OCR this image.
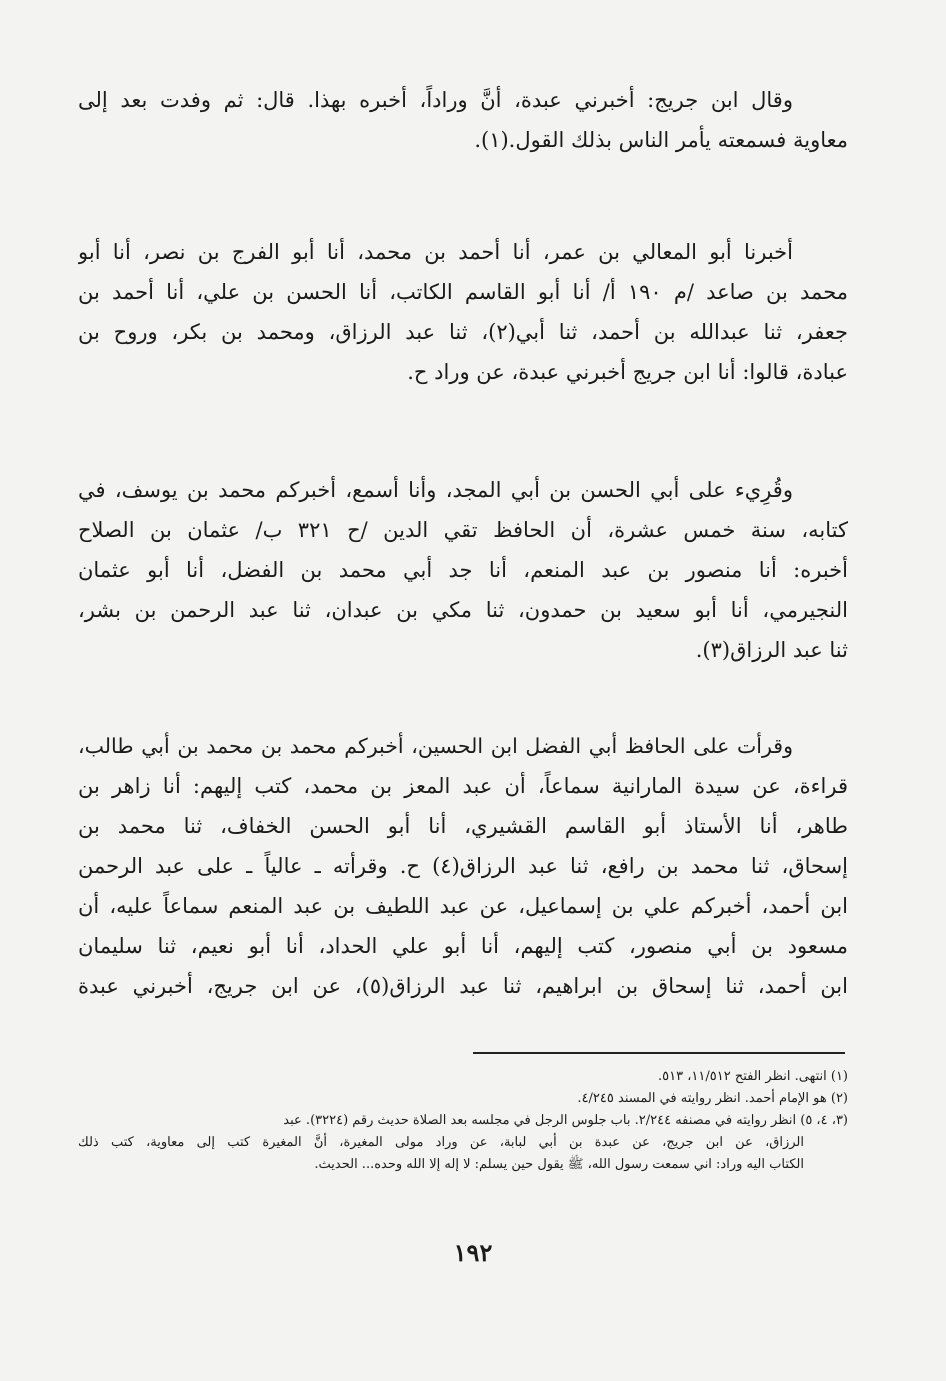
وقال ابن جريج: أخبرني عبدة، أنَّ وراداً، أخبره بهذا. قال: ثم وفدت بعد إلى
معاوية فسمعته يأمر الناس بذلك القول.(١).
أخبرنا أبو المعالي بن عمر، أنا أحمد بن محمد، أنا أبو الفرج بن نصر، أنا أبو
محمد بن صاعد /م ١٩٠ أ/ أنا أبو القاسم الكاتب، أنا الحسن بن علي، أنا أحمد بن
جعفر، ثنا عبدالله بن أحمد، ثنا أبي(٢)، ثنا عبد الرزاق، ومحمد بن بكر، وروح بن
عبادة، قالوا: أنا ابن جريج أخبرني عبدة، عن وراد ح.
وقُرِيء على أبي الحسن بن أبي المجد، وأنا أسمع، أخبركم محمد بن يوسف، في
كتابه، سنة خمس عشرة، أن الحافظ تقي الدين /ح ٣٢١ ب/ عثمان بن الصلاح
أخبره: أنا منصور بن عبد المنعم، أنا جد أبي محمد بن الفضل، أنا أبو عثمان
النجيرمي، أنا أبو سعيد بن حمدون، ثنا مكي بن عبدان، ثنا عبد الرحمن بن بشر،
ثنا عبد الرزاق(٣).
وقرأت على الحافظ أبي الفضل ابن الحسين، أخبركم محمد بن محمد بن أبي طالب،
قراءة، عن سيدة المارانية سماعاً، أن عبد المعز بن محمد، كتب إليهم: أنا زاهر بن
طاهر، أنا الأستاذ أبو القاسم القشيري، أنا أبو الحسن الخفاف، ثنا محمد بن
إسحاق، ثنا محمد بن رافع، ثنا عبد الرزاق(٤) ح. وقرأته ـ عالياً ـ على عبد الرحمن
ابن أحمد، أخبركم علي بن إسماعيل، عن عبد اللطيف بن عبد المنعم سماعاً عليه، أن
مسعود بن أبي منصور، كتب إليهم، أنا أبو علي الحداد، أنا أبو نعيم، ثنا سليمان
ابن أحمد، ثنا إسحاق بن ابراهيم، ثنا عبد الرزاق(٥)، عن ابن جريج، أخبرني عبدة
(١) انتهى. انظر الفتح ١١/٥١٢، ٥١٣.
(٢) هو الإمام أحمد. انظر روايته في المسند ٤/٢٤٥.
(٣، ٤، ٥) انظر روايته في مصنفه ٢/٢٤٤. باب جلوس الرجل في مجلسه بعد الصلاة حديث رقم (٣٢٢٤). عبد
الرزاق، عن ابن جريج، عن عبدة بن أبي لبابة، عن وراد مولى المغيرة، أنَّ المغيرة كتب إلى معاوية، كتب ذلك
الكتاب اليه وراد: اني سمعت رسول الله، ﷺ يقول حين يسلم: لا إله إلا الله وحده... الحديث.
١٩٢
